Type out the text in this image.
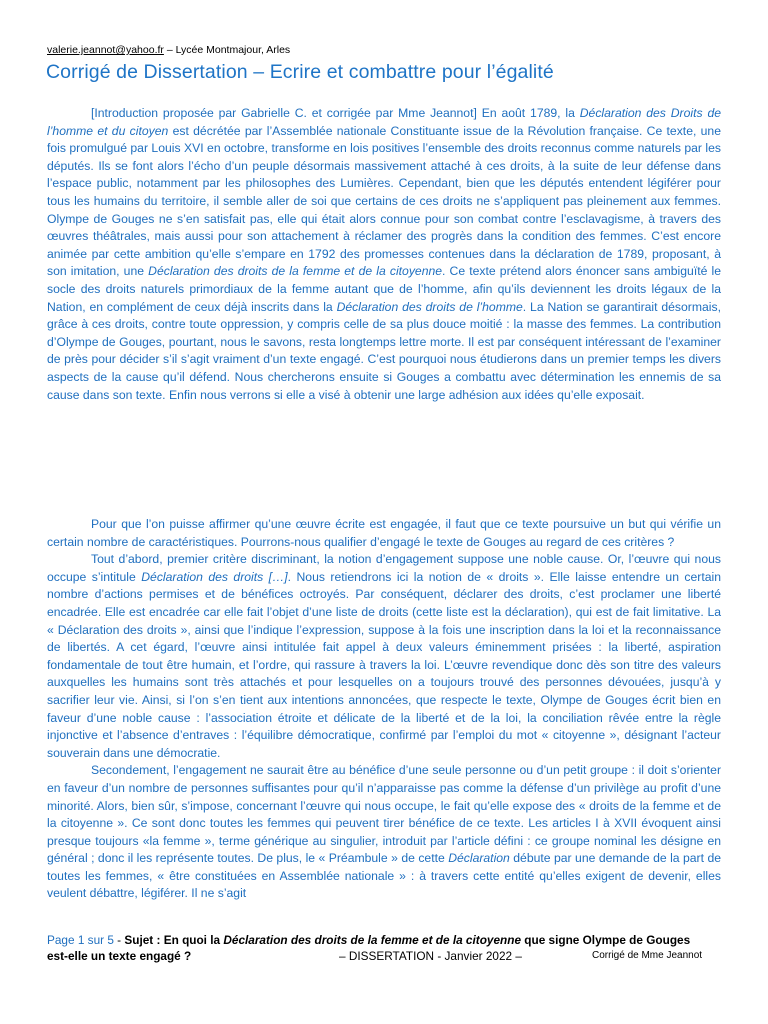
valerie.jeannot@yahoo.fr – Lycée Montmajour, Arles
Corrigé de Dissertation – Ecrire et combattre pour l’égalité

[Introduction proposée par Gabrielle C. et corrigée par Mme Jeannot] En août 1789, la Déclaration des Droits de l’homme et du citoyen est décrétée par l’Assemblée nationale Constituante issue de la Révolution française. Ce texte, une fois promulgué par Louis XVI en octobre, transforme en lois positives l’ensemble des droits reconnus comme naturels par les députés. Ils se font alors l’écho d’un peuple désormais massivement attaché à ces droits, à la suite de leur défense dans l’espace public, notamment par les philosophes des Lumières. Cependant, bien que les députés entendent légiférer pour tous les humains du territoire, il semble aller de soi que certains de ces droits ne s’appliquent pas pleinement aux femmes. Olympe de Gouges ne s’en satisfait pas, elle qui était alors connue pour son combat contre l’esclavagisme, à travers des œuvres théâtrales, mais aussi pour son attachement à réclamer des progrès dans la condition des femmes. C’est encore animée par cette ambition qu’elle s’empare en 1792 des promesses contenues dans la déclaration de 1789, proposant, à son imitation, une Déclaration des droits de la femme et de la citoyenne. Ce texte prétend alors énoncer sans ambiguïté le socle des droits naturels primordiaux de la femme autant que de l’homme, afin qu’ils deviennent les droits légaux de la Nation, en complément de ceux déjà inscrits dans la Déclaration des droits de l’homme. La Nation se garantirait désormais, grâce à ces droits, contre toute oppression, y compris celle de sa plus douce moitié : la masse des femmes. La contribution d’Olympe de Gouges, pourtant, nous le savons, resta longtemps lettre morte. Il est par conséquent intéressant de l’examiner de près pour décider s’il s’agit vraiment d’un texte engagé. C’est pourquoi nous étudierons dans un premier temps les divers aspects de la cause qu’il défend. Nous chercherons ensuite si Gouges a combattu avec détermination les ennemis de sa cause dans son texte. Enfin nous verrons si elle a visé à obtenir une large adhésion aux idées qu’elle exposait.

Pour que l’on puisse affirmer qu’une œuvre écrite est engagée, il faut que ce texte poursuive un but qui vérifie un certain nombre de caractéristiques. Pourrons-nous qualifier d’engagé le texte de Gouges au regard de ces critères ?

Tout d’abord, premier critère discriminant, la notion d’engagement suppose une noble cause. Or, l’œuvre qui nous occupe s’intitule Déclaration des droits […]. Nous retiendrons ici la notion de « droits ». Elle laisse entendre un certain nombre d’actions permises et de bénéfices octroyés. Par conséquent, déclarer des droits, c’est proclamer une liberté encadrée. Elle est encadrée car elle fait l’objet d’une liste de droits (cette liste est la déclaration), qui est de fait limitative. La « Déclaration des droits », ainsi que l’indique l’expression, suppose à la fois une inscription dans la loi et la reconnaissance de libertés. A cet égard, l’œuvre ainsi intitulée fait appel à deux valeurs éminemment prisées : la liberté, aspiration fondamentale de tout être humain, et l’ordre, qui rassure à travers la loi. L’œuvre revendique donc dès son titre des valeurs auxquelles les humains sont très attachés et pour lesquelles on a toujours trouvé des personnes dévouées, jusqu’à y sacrifier leur vie. Ainsi, si l’on s’en tient aux intentions annoncées, que respecte le texte, Olympe de Gouges écrit bien en faveur d’une noble cause : l’association étroite et délicate de la liberté et de la loi, la conciliation rêvée entre la règle injonctive et l’absence d’entraves : l’équilibre démocratique, confirmé par l’emploi du mot « citoyenne », désignant l’acteur souverain dans une démocratie.

Secondement, l’engagement ne saurait être au bénéfice d’une seule personne ou d’un petit groupe : il doit s’orienter en faveur d’un nombre de personnes suffisantes pour qu’il n’apparaisse pas comme la défense d’un privilège au profit d’une minorité. Alors, bien sûr, s’impose, concernant l’œuvre qui nous occupe, le fait qu’elle expose des « droits de la femme et de la citoyenne ». Ce sont donc toutes les femmes qui peuvent tirer bénéfice de ce texte. Les articles I à XVII évoquent ainsi presque toujours «la femme », terme générique au singulier, introduit par l’article défini : ce groupe nominal les désigne en général ; donc il les représente toutes. De plus, le « Préambule » de cette Déclaration débute par une demande de la part de toutes les femmes, « être constituées en Assemblée nationale » : à travers cette entité qu’elles exigent de devenir, elles veulent débattre, légiférer. Il ne s’agit

Page 1 sur 5 - Sujet : En quoi la Déclaration des droits de la femme et de la citoyenne que signe Olympe de Gouges
est-elle un texte engagé ?	– DISSERTATION - Janvier 2022 –	Corrigé de Mme Jeannot
